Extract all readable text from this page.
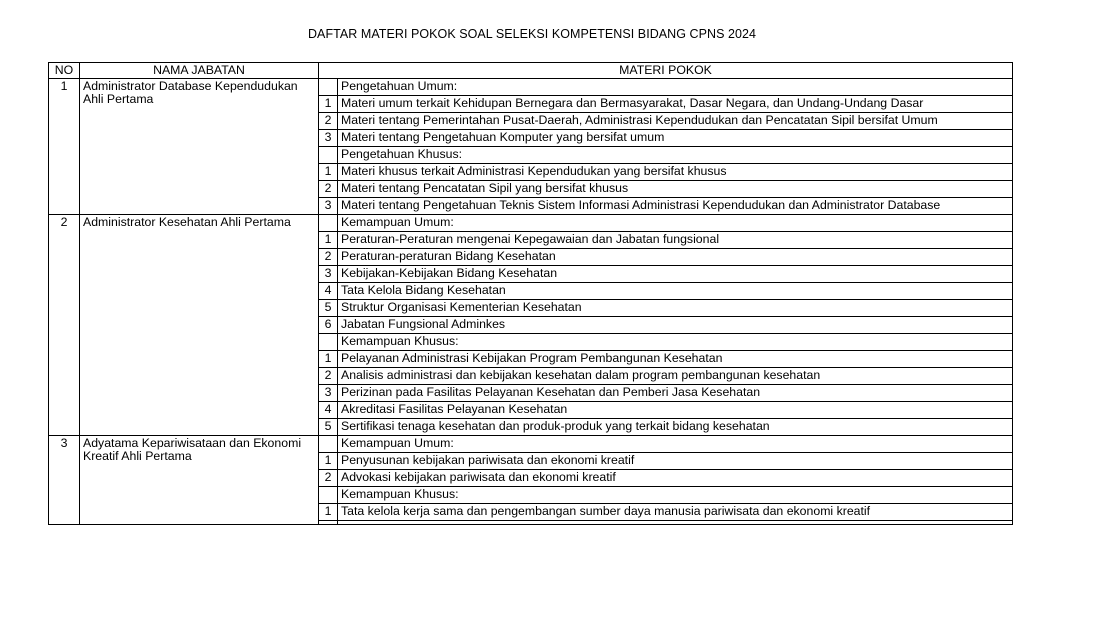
DAFTAR MATERI POKOK SOAL SELEKSI KOMPETENSI BIDANG CPNS 2024
NO	NAMA JABATAN	MATERI POKOK	
1	Administrator Database Kependudukan Ahli Pertama		Pengetahuan Umum:
		1	Materi umum terkait Kehidupan Bernegara dan Bermasyarakat, Dasar Negara, dan Undang-Undang Dasar
		2	Materi tentang Pemerintahan Pusat-Daerah, Administrasi Kependudukan dan Pencatatan Sipil bersifat Umum
		3	Materi tentang Pengetahuan Komputer yang bersifat umum
			Pengetahuan Khusus:
		1	Materi khusus terkait Administrasi Kependudukan yang bersifat khusus
		2	Materi tentang Pencatatan Sipil yang bersifat khusus
		3	Materi tentang Pengetahuan Teknis Sistem Informasi Administrasi Kependudukan dan Administrator Database
2	Administrator Kesehatan Ahli Pertama		Kemampuan Umum:
		1	Peraturan-Peraturan mengenai Kepegawaian dan Jabatan fungsional
		2	Peraturan-peraturan Bidang Kesehatan
		3	Kebijakan-Kebijakan Bidang Kesehatan
		4	Tata Kelola Bidang Kesehatan
		5	Struktur Organisasi Kementerian Kesehatan
		6	Jabatan Fungsional Adminkes
			Kemampuan Khusus:
		1	Pelayanan Administrasi Kebijakan Program Pembangunan Kesehatan
		2	Analisis administrasi dan kebijakan kesehatan dalam program pembangunan kesehatan
		3	Perizinan pada Fasilitas Pelayanan Kesehatan dan Pemberi Jasa Kesehatan
		4	Akreditasi Fasilitas Pelayanan Kesehatan
		5	Sertifikasi tenaga kesehatan dan produk-produk yang terkait bidang kesehatan
3	Adyatama Kepariwisataan dan Ekonomi Kreatif Ahli Pertama		Kemampuan Umum:
		1	Penyusunan kebijakan pariwisata dan ekonomi kreatif
		2	Advokasi kebijakan pariwisata dan ekonomi kreatif
			Kemampuan Khusus:
		1	Tata kelola kerja sama dan pengembangan sumber daya manusia pariwisata dan ekonomi kreatif
